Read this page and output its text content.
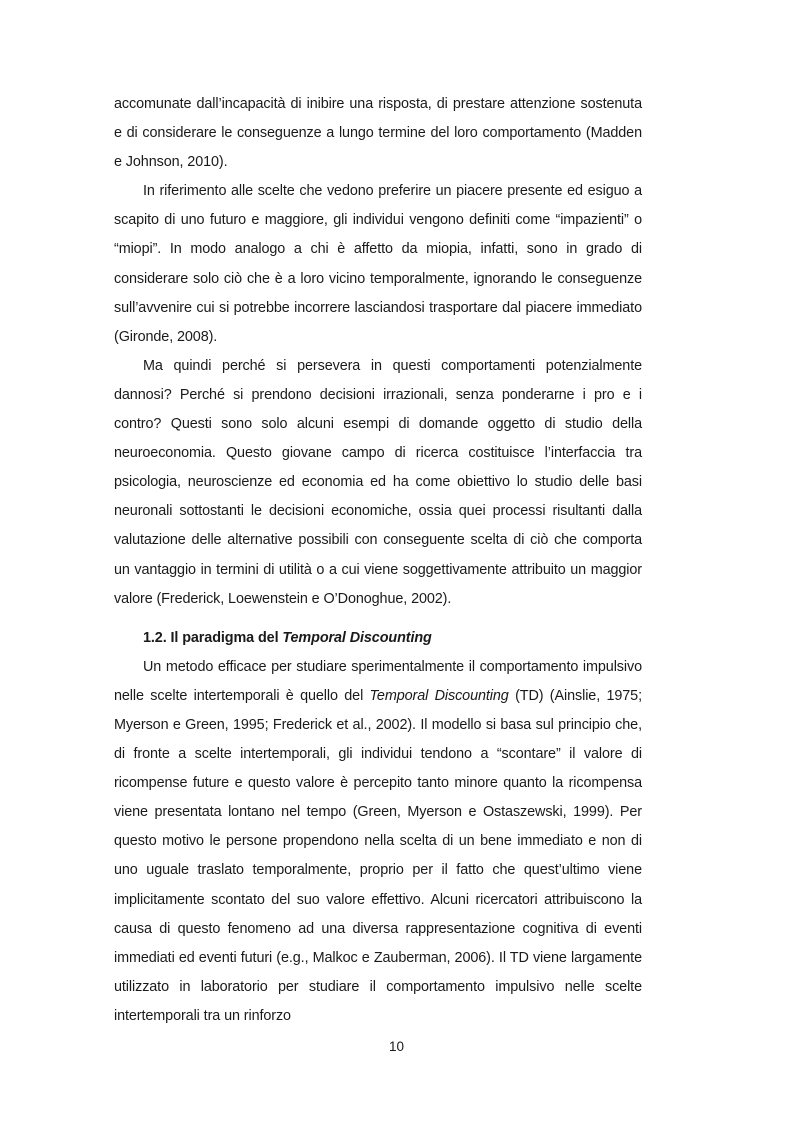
accomunate dall’incapacità di inibire una risposta, di prestare attenzione sostenuta e di considerare le conseguenze a lungo termine del loro comportamento (Madden e Johnson, 2010).

In riferimento alle scelte che vedono preferire un piacere presente ed esiguo a scapito di uno futuro e maggiore, gli individui vengono definiti come “impazienti” o “miopi”. In modo analogo a chi è affetto da miopia, infatti, sono in grado di considerare solo ciò che è a loro vicino temporalmente, ignorando le conseguenze sull’avvenire cui si potrebbe incorrere lasciandosi trasportare dal piacere immediato (Gironde, 2008).

Ma quindi perché si persevera in questi comportamenti potenzialmente dannosi? Perché si prendono decisioni irrazionali, senza ponderarne i pro e i contro? Questi sono solo alcuni esempi di domande oggetto di studio della neuroeconomia. Questo giovane campo di ricerca costituisce l’interfaccia tra psicologia, neuroscienze ed economia ed ha come obiettivo lo studio delle basi neuronali sottostanti le decisioni economiche, ossia quei processi risultanti dalla valutazione delle alternative possibili con conseguente scelta di ciò che comporta un vantaggio in termini di utilità o a cui viene soggettivamente attribuito un maggior valore (Frederick, Loewenstein e O’Donoghue, 2002).

1.2. Il paradigma del Temporal Discounting

Un metodo efficace per studiare sperimentalmente il comportamento impulsivo nelle scelte intertemporali è quello del Temporal Discounting (TD) (Ainslie, 1975; Myerson e Green, 1995; Frederick et al., 2002). Il modello si basa sul principio che, di fronte a scelte intertemporali, gli individui tendono a “scontare” il valore di ricompense future e questo valore è percepito tanto minore quanto la ricompensa viene presentata lontano nel tempo (Green, Myerson e Ostaszewski, 1999). Per questo motivo le persone propendono nella scelta di un bene immediato e non di uno uguale traslato temporalmente, proprio per il fatto che quest’ultimo viene implicitamente scontato del suo valore effettivo. Alcuni ricercatori attribuiscono la causa di questo fenomeno ad una diversa rappresentazione cognitiva di eventi immediati ed eventi futuri (e.g., Malkoc e Zauberman, 2006). Il TD viene largamente utilizzato in laboratorio per studiare il comportamento impulsivo nelle scelte intertemporali tra un rinforzo

10
